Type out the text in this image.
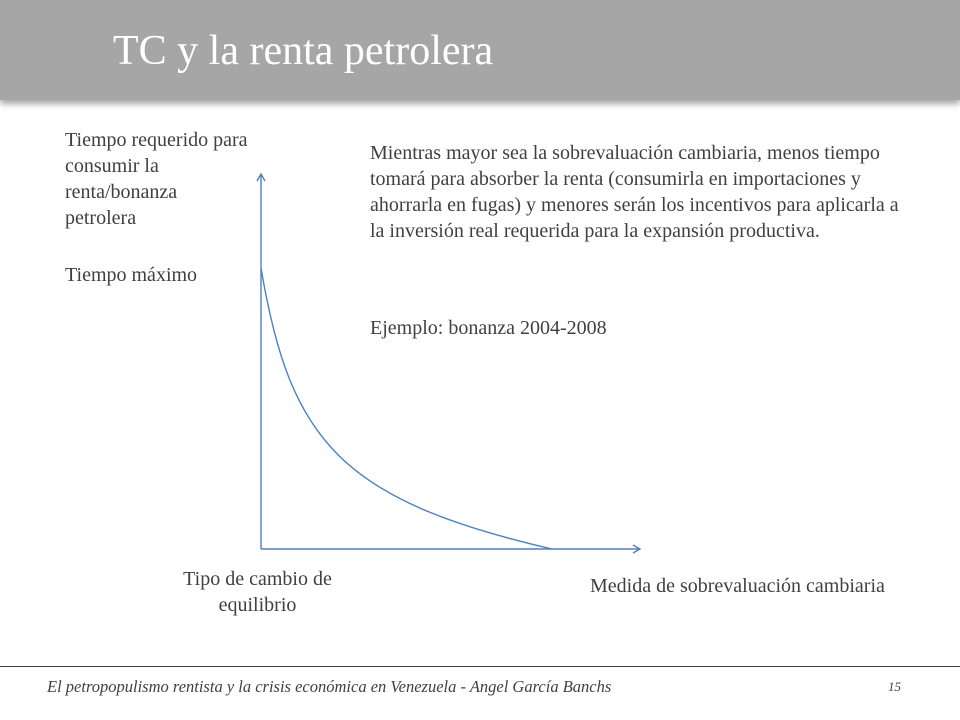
TC y la renta petrolera
Tiempo requerido para consumir la renta/bonanza petrolera
Tiempo máximo
Mientras mayor sea la sobrevaluación cambiaria, menos tiempo tomará para absorber la renta (consumirla en importaciones y ahorrarla en fugas) y menores serán los incentivos para aplicarla a la inversión real requerida para la expansión productiva.
Ejemplo: bonanza 2004-2008
Tipo de cambio de equilibrio
Medida de sobrevaluación cambiaria
El petropopulismo rentista y la crisis económica en Venezuela - Angel García Banchs	15
